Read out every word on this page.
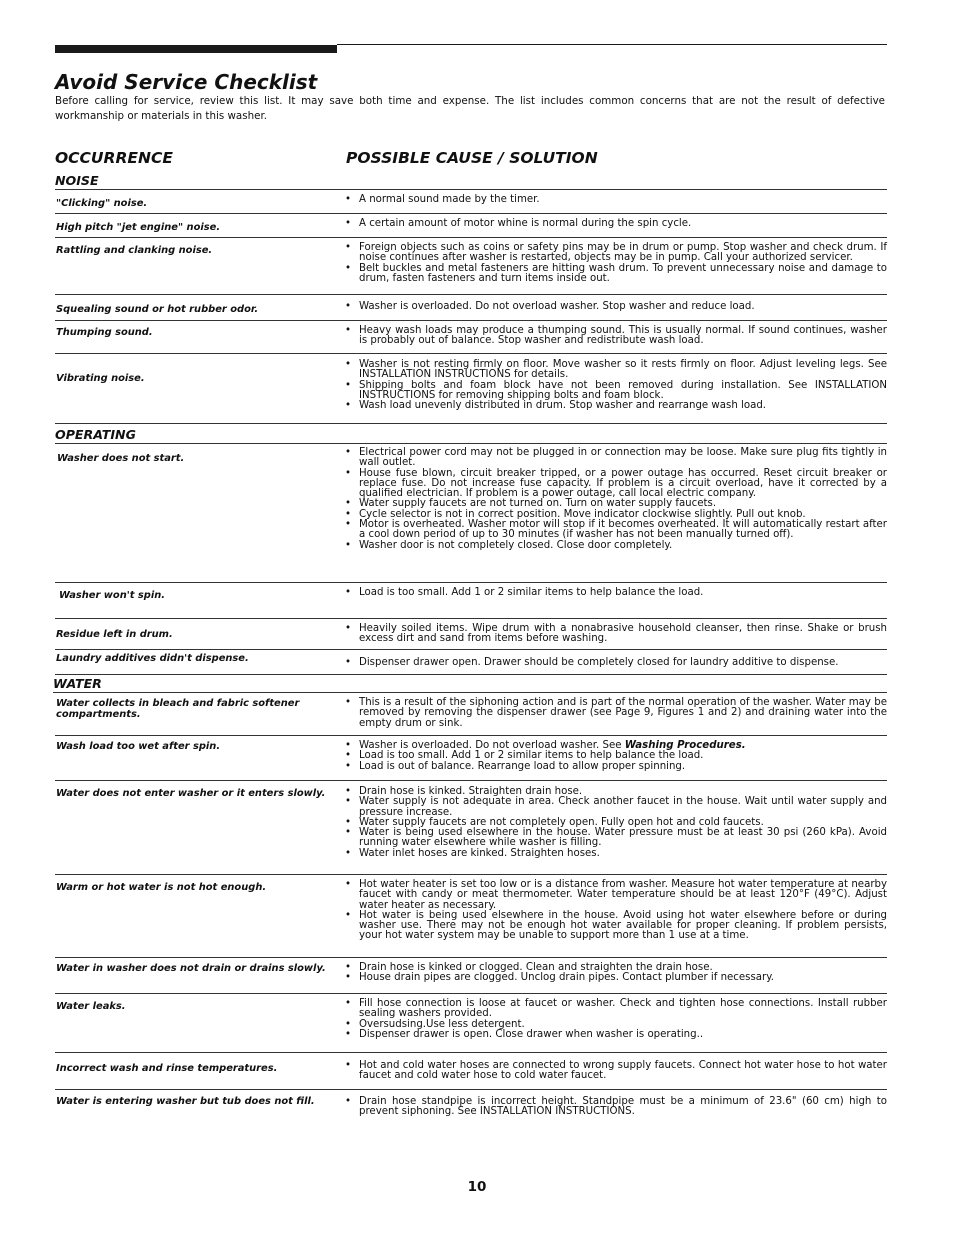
Avoid Service Checklist

Before calling for service, review this list. It may save both time and expense. The list includes common concerns that are not the result of defective workmanship or materials in this washer.

OCCURRENCE	POSSIBLE CAUSE / SOLUTION
NOISE
"Clicking" noise.	• A normal sound made by the timer.
High pitch "jet engine" noise.	• A certain amount of motor whine is normal during the spin cycle.
Rattling and clanking noise.	• Foreign objects such as coins or safety pins may be in drum or pump. Stop washer and check drum. If noise continues after washer is restarted, objects may be in pump. Call your authorized servicer.
• Belt buckles and metal fasteners are hitting wash drum. To prevent unnecessary noise and damage to drum, fasten fasteners and turn items inside out.
Squealing sound or hot rubber odor.	• Washer is overloaded. Do not overload washer. Stop washer and reduce load.
Thumping sound.	• Heavy wash loads may produce a thumping sound. This is usually normal. If sound continues, washer is probably out of balance. Stop washer and redistribute wash load.
Vibrating noise.
• Washer is not resting firmly on floor. Move washer so it rests firmly on floor. Adjust leveling legs. See INSTALLATION INSTRUCTIONS for details.
• Shipping bolts and foam block have not been removed during installation. See INSTALLATION INSTRUCTIONS for removing shipping bolts and foam block.
• Wash load unevenly distributed in drum. Stop washer and rearrange wash load.
OPERATING
Washer does not start.
• Electrical power cord may not be plugged in or connection may be loose. Make sure plug fits tightly in wall outlet.
• House fuse blown, circuit breaker tripped, or a power outage has occurred. Reset circuit breaker or replace fuse. Do not increase fuse capacity. If problem is a circuit overload, have it corrected by a qualified electrician. If problem is a power outage, call local electric company.
• Water supply faucets are not turned on. Turn on water supply faucets.
• Cycle selector is not in correct position. Move indicator clockwise slightly. Pull out knob.
• Motor is overheated. Washer motor will stop if it becomes overheated. It will automatically restart after a cool down period of up to 30 minutes (if washer has not been manually turned off).
• Washer door is not completely closed. Close door completely.
Washer won't spin.	• Load is too small. Add 1 or 2 similar items to help balance the load.
Residue left in drum.
• Heavily soiled items. Wipe drum with a nonabrasive household cleanser, then rinse. Shake or brush excess dirt and sand from items before washing.
Laundry additives didn't dispense.	• Dispenser drawer open. Drawer should be completely closed for laundry additive to dispense.
WATER
Water collects in bleach and fabric softener compartments.
• This is a result of the siphoning action and is part of the normal operation of the washer. Water may be removed by removing the dispenser drawer (see Page 9, Figures 1 and 2) and draining water into the empty drum or sink.
Wash load too wet after spin.	• Washer is overloaded. Do not overload washer. See Washing Procedures.
• Load is too small. Add 1 or 2 similar items to help balance the load.
• Load is out of balance. Rearrange load to allow proper spinning.
Water does not enter washer or it enters slowly.	• Drain hose is kinked. Straighten drain hose.
• Water supply is not adequate in area. Check another faucet in the house. Wait until water supply and pressure increase.
• Water supply faucets are not completely open. Fully open hot and cold faucets.
• Water is being used elsewhere in the house. Water pressure must be at least 30 psi (260 kPa). Avoid running water elsewhere while washer is filling.
• Water inlet hoses are kinked. Straighten hoses.
Warm or hot water is not hot enough.	• Hot water heater is set too low or is a distance from washer. Measure hot water temperature at nearby faucet with candy or meat thermometer. Water temperature should be at least 120°F (49°C). Adjust water heater as necessary.
• Hot water is being used elsewhere in the house. Avoid using hot water elsewhere before or during washer use. There may not be enough hot water available for proper cleaning. If problem persists, your hot water system may be unable to support more than 1 use at a time.
Water in washer does not drain or drains slowly.	• Drain hose is kinked or clogged. Clean and straighten the drain hose.
• House drain pipes are clogged. Unclog drain pipes. Contact plumber if necessary.
Water leaks.	• Fill hose connection is loose at faucet or washer. Check and tighten hose connections. Install rubber sealing washers provided.
• Oversudsing.Use less detergent.
• Dispenser drawer is open. Close drawer when washer is operating..
Incorrect wash and rinse temperatures.	• Hot and cold water hoses are connected to wrong supply faucets. Connect hot water hose to hot water faucet and cold water hose to cold water faucet.
Water is entering washer but tub does not fill.	• Drain hose standpipe is incorrect height. Standpipe must be a minimum of 23.6" (60 cm) high to prevent siphoning. See INSTALLATION INSTRUCTIONS.
10
